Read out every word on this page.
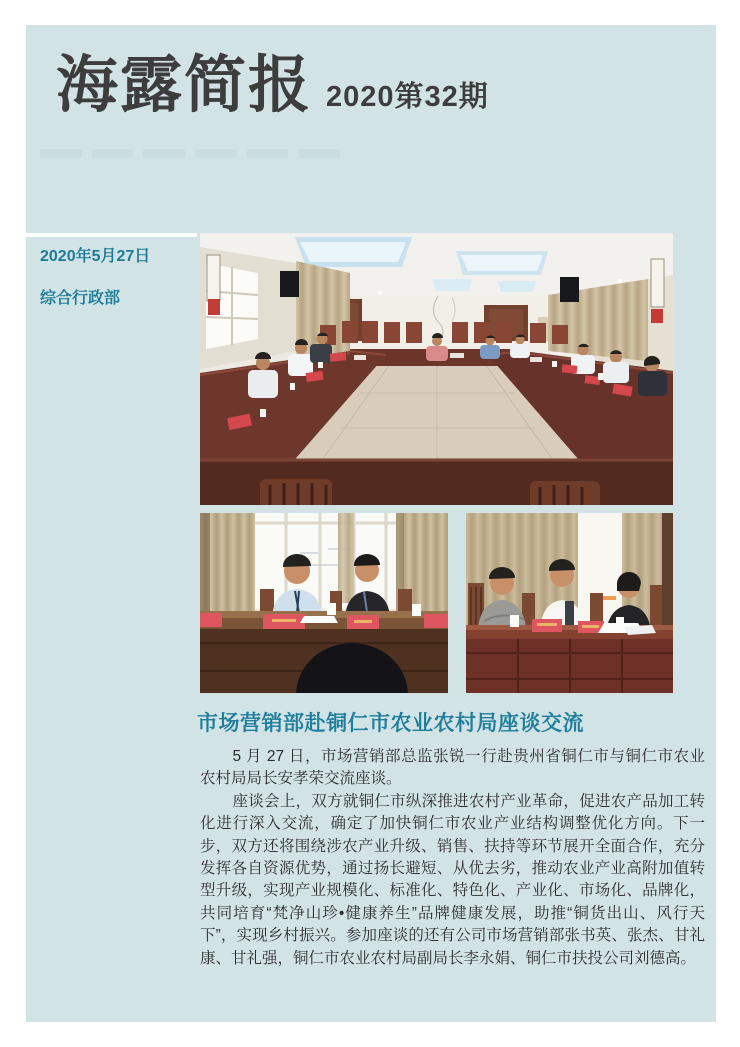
海露简报 2020第32期
2020年5月27日
综合行政部
市场营销部赴铜仁市农业农村局座谈交流

5 月 27 日，市场营销部总监张锐一行赴贵州省铜仁市与铜仁市农业农村局局长安孝荣交流座谈。

座谈会上，双方就铜仁市纵深推进农村产业革命，促进农产品加工转化进行深入交流，确定了加快铜仁市农业产业结构调整优化方向。下一步，双方还将围绕涉农产业升级、销售、扶持等环节展开全面合作，充分发挥各自资源优势，通过扬长避短、从优去劣，推动农业产业高附加值转型升级，实现产业规模化、标准化、特色化、产业化、市场化、品牌化，共同培育“梵净山珍•健康养生”品牌健康发展，助推“铜货出山、风行天下”，实现乡村振兴。参加座谈的还有公司市场营销部张书英、张杰、甘礼康、甘礼强，铜仁市农业农村局副局长李永娟、铜仁市扶投公司刘德高。
